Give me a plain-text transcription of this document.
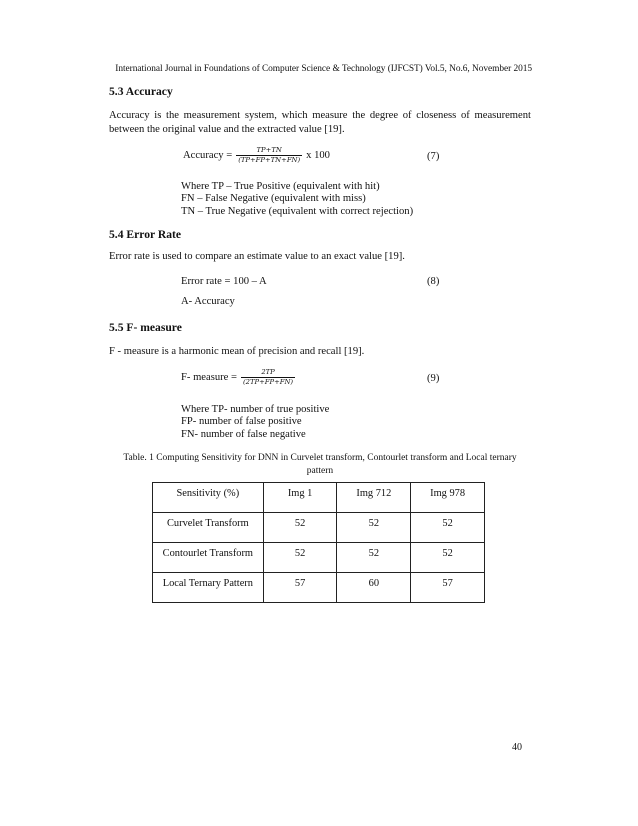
International Journal in Foundations of Computer Science & Technology (IJFCST) Vol.5, No.6, November 2015
5.3 Accuracy
Accuracy is the measurement system, which measure the degree of closeness of measurement between the original value and the extracted value [19].
Accuracy = $\frac{TP+TN}{(TP+FP+TN+FN)}$ x 100	(7)
Where TP – True Positive (equivalent with hit)
FN – False Negative (equivalent with miss)
TN – True Negative (equivalent with correct rejection)
5.4 Error Rate
Error rate is used to compare an estimate value to an exact value [19].
Error rate = 100 – A	(8)
A- Accuracy
5.5 F- measure
F - measure is a harmonic mean of precision and recall [19].
F- measure = $\frac{2TP}{(2TP+FP+FN)}$	(9)
Where TP- number of true positive
FP- number of false positive
FN- number of false negative
Table. 1 Computing Sensitivity for DNN in Curvelet transform, Contourlet transform and Local ternary pattern
Sensitivity (%)	Img 1	Img 712	Img 978
Curvelet Transform	52	52	52
Contourlet Transform	52	52	52
Local Ternary Pattern	57	60	57
40
